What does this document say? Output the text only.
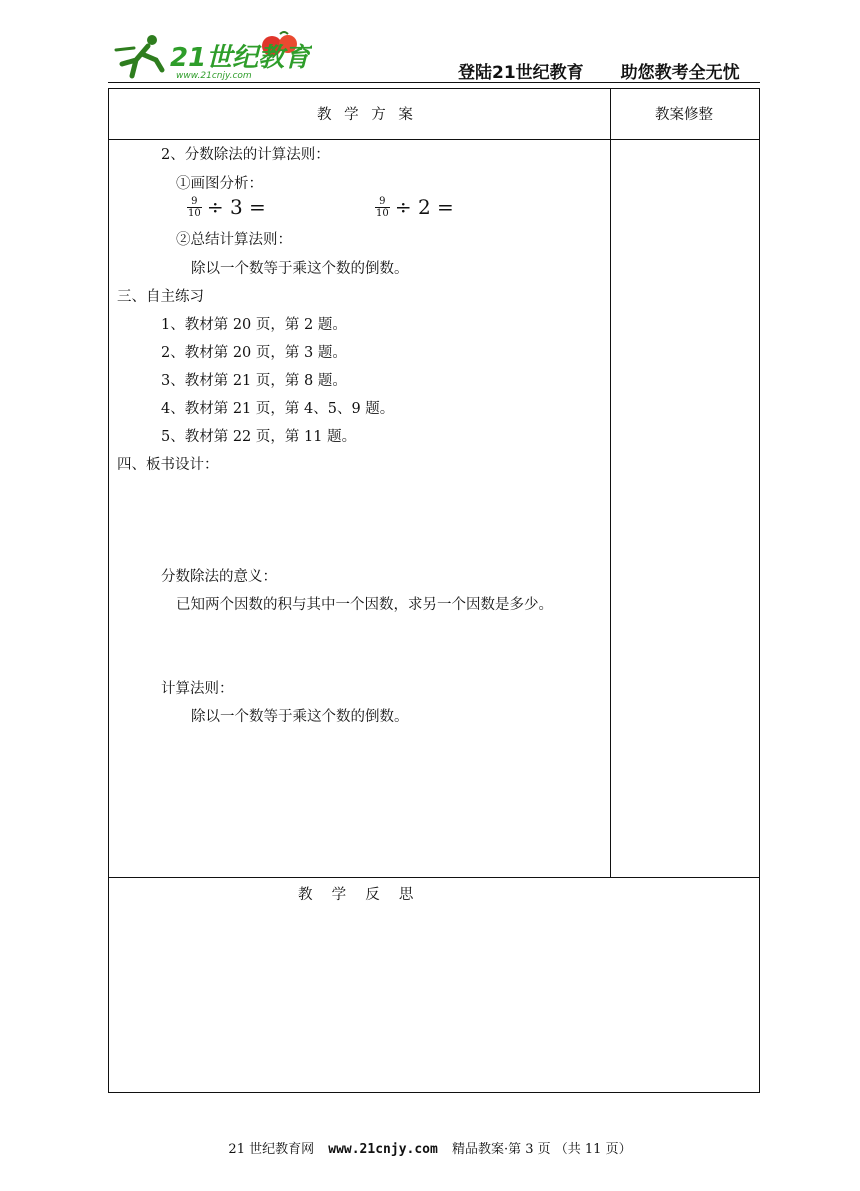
21世纪教育
www.21cnjy.com	登陆21世纪教育　 助您教考全无忧
教 学 方 案	教案修整
2、分数除法的计算法则：
①画图分析：
$\frac{9}{10} \div 3$ =	$\frac{9}{10} \div 2$ =
②总结计算法则：
除以一个数等于乘这个数的倒数。
三、自主练习
1、教材第 20 页，第 2 题。
2、教材第 20 页，第 3 题。
3、教材第 21 页，第 8 题。
4、教材第 21 页，第 4、5、9 题。
5、教材第 22 页，第 11 题。
四、板书设计：
分数除法的意义：
已知两个因数的积与其中一个因数，求另一个因数是多少。
计算法则：
除以一个数等于乘这个数的倒数。
教　 学　 反　 思
21 世纪教育网 www.21cnjy.com 精品教案·第 3 页 （共 11 页）
